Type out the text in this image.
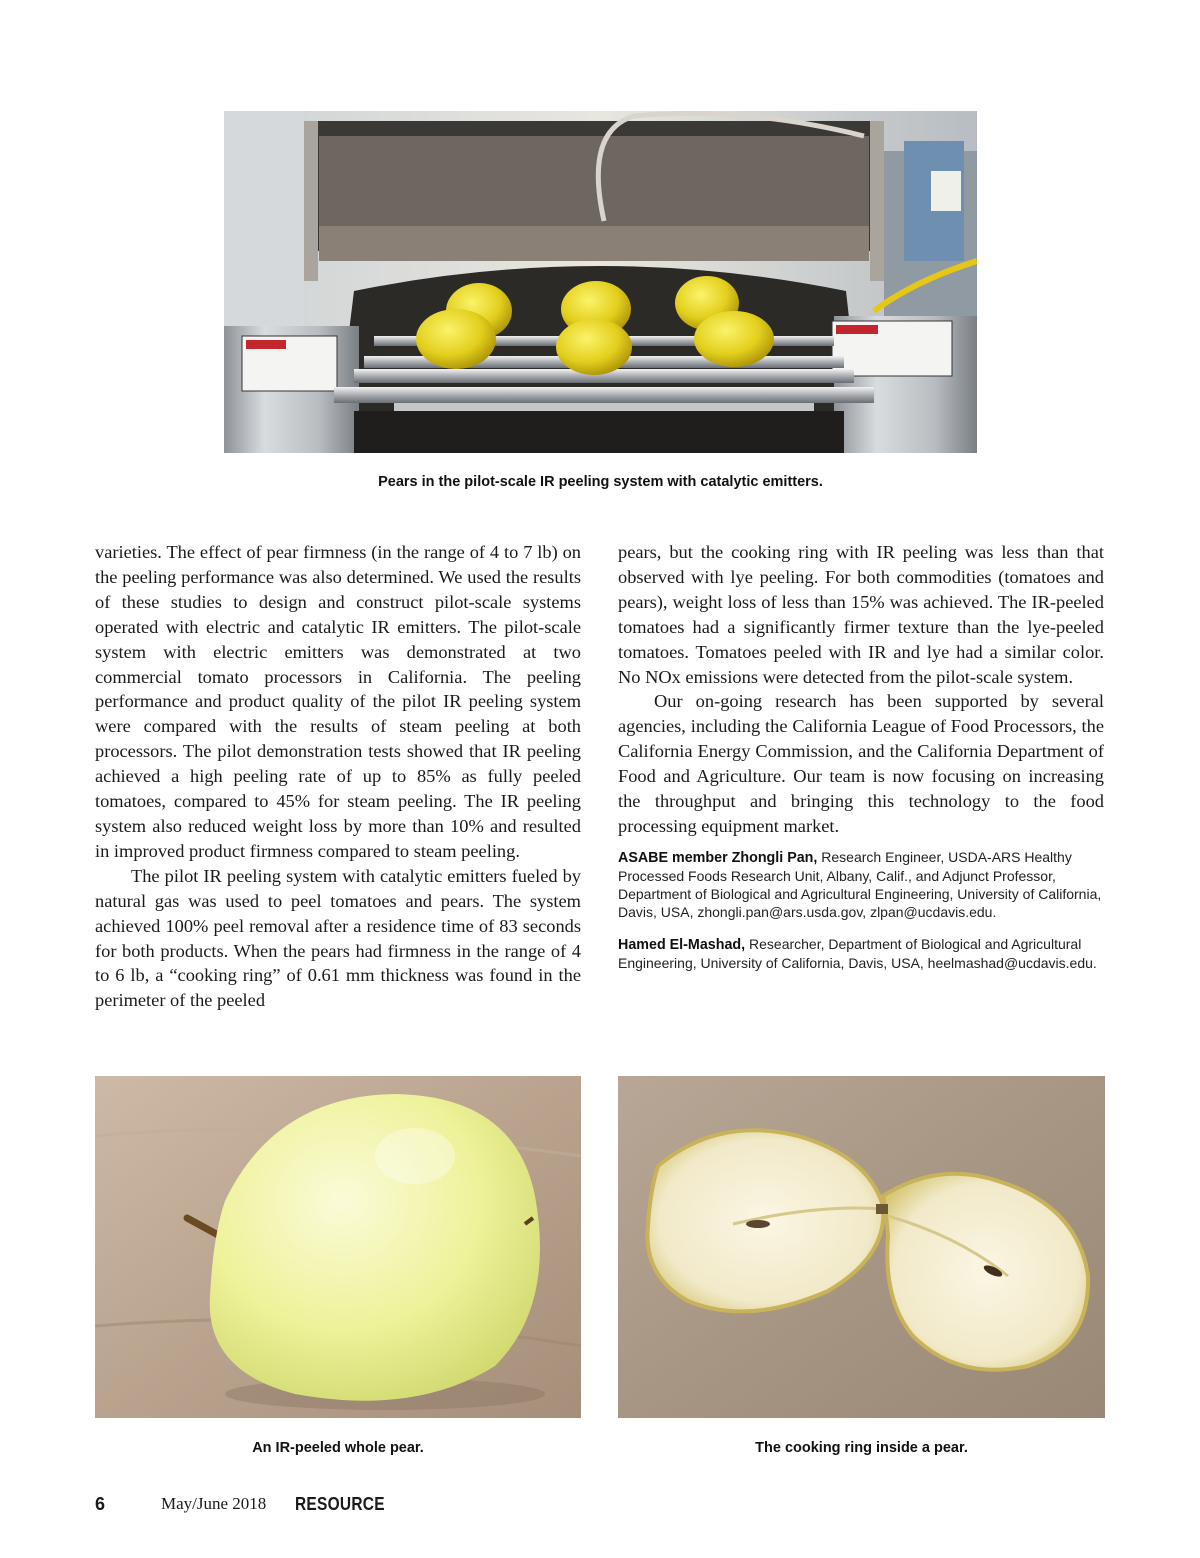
Pears in the pilot-scale IR peeling system with catalytic emitters.

varieties. The effect of pear firmness (in the range of 4 to 7 lb) on the peeling performance was also determined. We used the results of these studies to design and construct pilot-scale systems operated with electric and catalytic IR emitters. The pilot-scale system with electric emitters was demonstrated at two commercial tomato processors in California. The peeling performance and product quality of the pilot IR peeling system were compared with the results of steam peeling at both processors. The pilot demonstration tests showed that IR peeling achieved a high peeling rate of up to 85% as fully peeled tomatoes, compared to 45% for steam peeling. The IR peeling system also reduced weight loss by more than 10% and resulted in improved product firmness compared to steam peeling.

The pilot IR peeling system with catalytic emitters fueled by natural gas was used to peel tomatoes and pears. The system achieved 100% peel removal after a residence time of 83 seconds for both products. When the pears had firmness in the range of 4 to 6 lb, a “cooking ring” of 0.61 mm thickness was found in the perimeter of the peeled

pears, but the cooking ring with IR peeling was less than that observed with lye peeling. For both commodities (tomatoes and pears), weight loss of less than 15% was achieved. The IR-peeled tomatoes had a significantly firmer texture than the lye-peeled tomatoes. Tomatoes peeled with IR and lye had a similar color. No NOx emissions were detected from the pilot-scale system.

Our on-going research has been supported by several agencies, including the California League of Food Processors, the California Energy Commission, and the California Department of Food and Agriculture. Our team is now focusing on increasing the throughput and bringing this technology to the food processing equipment market.

ASABE member Zhongli Pan, Research Engineer, USDA-ARS Healthy Processed Foods Research Unit, Albany, Calif., and Adjunct Professor, Department of Biological and Agricultural Engineering, University of California, Davis, USA, zhongli.pan@ars.usda.gov, zlpan@ucdavis.edu.
Hamed El-Mashad, Researcher, Department of Biological and Agricultural Engineering, University of California, Davis, USA, heelmashad@ucdavis.edu.
An IR-peeled whole pear.	The cooking ring inside a pear.
6	May/June 2018 RESOURCE
